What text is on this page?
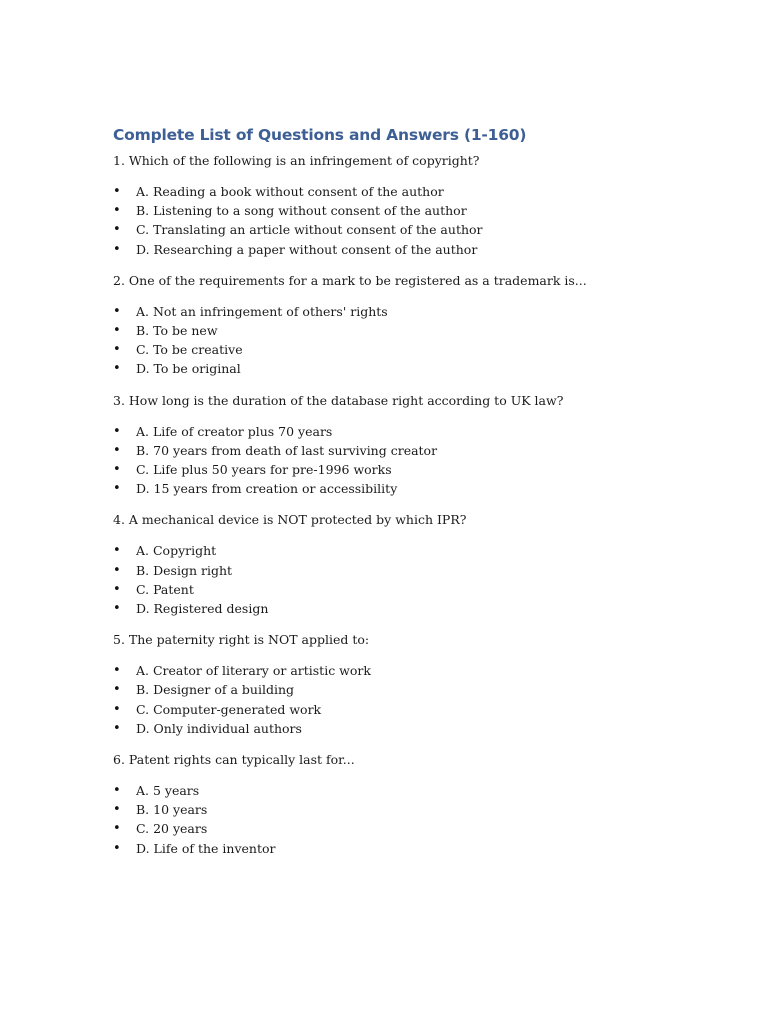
Complete List of Questions and Answers (1-160)

1. Which of the following is an infringement of copyright?

• A. Reading a book without consent of the author
• B. Listening to a song without consent of the author
• C. Translating an article without consent of the author
• D. Researching a paper without consent of the author

2. One of the requirements for a mark to be registered as a trademark is...

• A. Not an infringement of others' rights
• B. To be new
• C. To be creative
• D. To be original

3. How long is the duration of the database right according to UK law?

• A. Life of creator plus 70 years
• B. 70 years from death of last surviving creator
• C. Life plus 50 years for pre-1996 works
• D. 15 years from creation or accessibility

4. A mechanical device is NOT protected by which IPR?

• A. Copyright
• B. Design right
• C. Patent
• D. Registered design

5. The paternity right is NOT applied to:

• A. Creator of literary or artistic work
• B. Designer of a building
• C. Computer-generated work
• D. Only individual authors

6. Patent rights can typically last for...

• A. 5 years
• B. 10 years
• C. 20 years
• D. Life of the inventor
